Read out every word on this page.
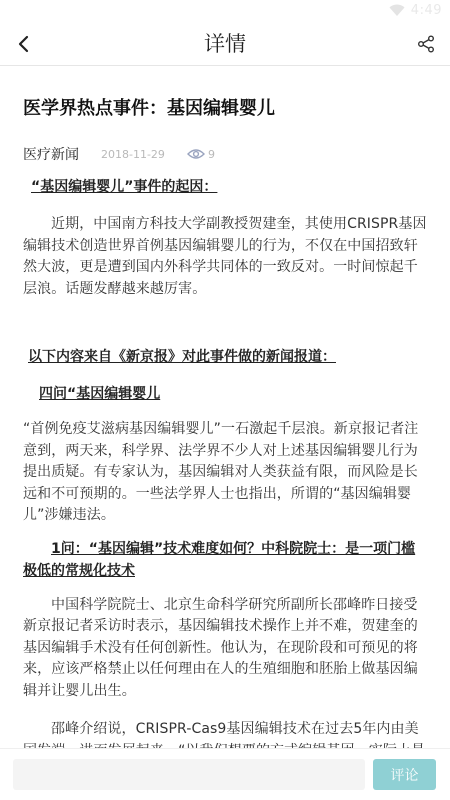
4:49
详情
医学界热点事件：基因编辑婴儿
医疗新闻 2018-11-29	9
“基因编辑婴儿”事件的起因：
近期，中国南方科技大学副教授贺建奎，其使用CRISPR基因编辑技术创造世界首例基因编辑婴儿的行为，不仅在中国招致轩然大波，更是遭到国内外科学共同体的一致反对。一时间惊起千层浪。话题发酵越来越厉害。
以下内容来自《新京报》对此事件做的新闻报道：
四问“基因编辑婴儿
“首例免疫艾滋病基因编辑婴儿”一石激起千层浪。新京报记者注意到，两天来，科学界、法学界不少人对上述基因编辑婴儿行为提出质疑。有专家认为，基因编辑对人类获益有限，而风险是长远和不可预期的。一些法学界人士也指出，所谓的“基因编辑婴儿”涉嫌违法。
1问：“基因编辑”技术难度如何？中科院院士：是一项门槛极低的常规化技术
中国科学院院士、北京生命科学研究所副所长邵峰昨日接受新京报记者采访时表示，基因编辑技术操作上并不难，贺建奎的基因编辑手术没有任何创新性。他认为，在现阶段和可预见的将来，应该严格禁止以任何理由在人的生殖细胞和胚胎上做基因编辑并让婴儿出生。
邵峰介绍说，CRISPR-Cas9基因编辑技术在过去5年内由美
评论
